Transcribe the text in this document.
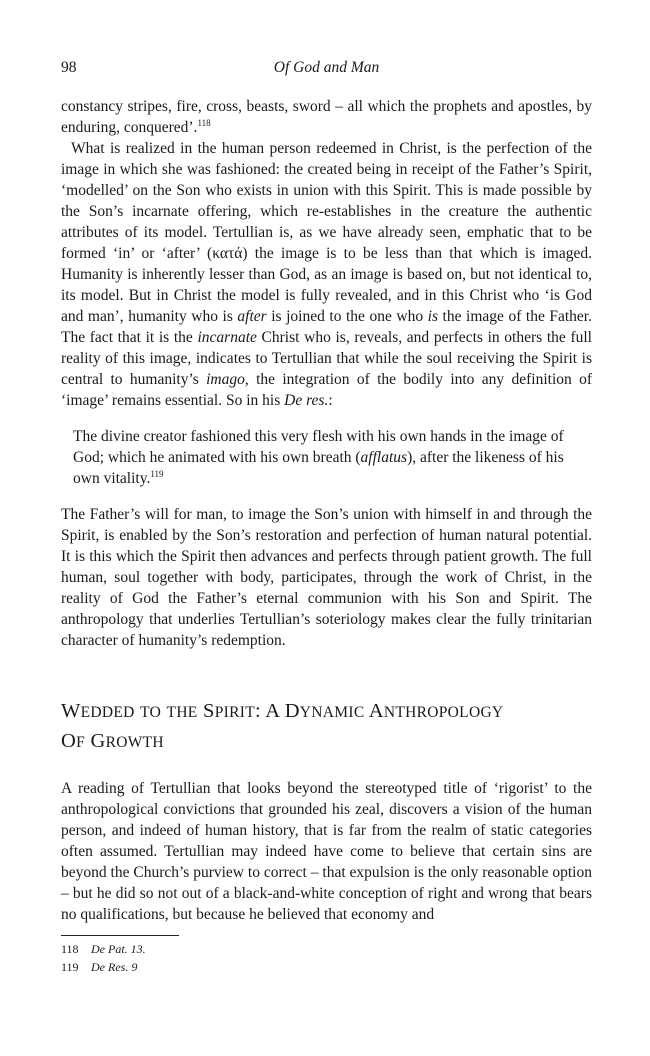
98	Of God and Man

constancy stripes, fire, cross, beasts, sword – all which the prophets and apostles, by enduring, conquered’.$^{118}$

What is realized in the human person redeemed in Christ, is the perfection of the image in which she was fashioned: the created being in receipt of the Father’s Spirit, ‘modelled’ on the Son who exists in union with this Spirit. This is made possible by the Son’s incarnate offering, which re-establishes in the creature the authentic attributes of its model. Tertullian is, as we have already seen, emphatic that to be formed ‘in’ or ‘after’ (κατά) the image is to be less than that which is imaged. Humanity is inherently lesser than God, as an image is based on, but not identical to, its model. But in Christ the model is fully revealed, and in this Christ who ‘is God and man’, humanity who is after is joined to the one who is the image of the Father. The fact that it is the incarnate Christ who is, reveals, and perfects in others the full reality of this image, indicates to Tertullian that while the soul receiving the Spirit is central to humanity’s imago, the integration of the bodily into any definition of ‘image’ remains essential. So in his De res.:

The divine creator fashioned this very flesh with his own hands in the image of God; which he animated with his own breath (afflatus), after the likeness of his own vitality.$^{119}$

The Father’s will for man, to image the Son’s union with himself in and through the Spirit, is enabled by the Son’s restoration and perfection of human natural potential. It is this which the Spirit then advances and perfects through patient growth. The full human, soul together with body, participates, through the work of Christ, in the reality of God the Father’s eternal communion with his Son and Spirit. The anthropology that underlies Tertullian’s soteriology makes clear the fully trinitarian character of humanity’s redemption.

WEDDED TO THE SPIRIT: A DYNAMIC ANTHROPOLOGY
OF GROWTH

A reading of Tertullian that looks beyond the stereotyped title of ‘rigorist’ to the anthropological convictions that grounded his zeal, discovers a vision of the human person, and indeed of human history, that is far from the realm of static categories often assumed. Tertullian may indeed have come to believe that certain sins are beyond the Church’s purview to correct – that expulsion is the only reasonable option – but he did so not out of a black-and-white conception of right and wrong that bears no qualifications, but because he believed that economy and

118 De Pat. 13.
119 De Res. 9
